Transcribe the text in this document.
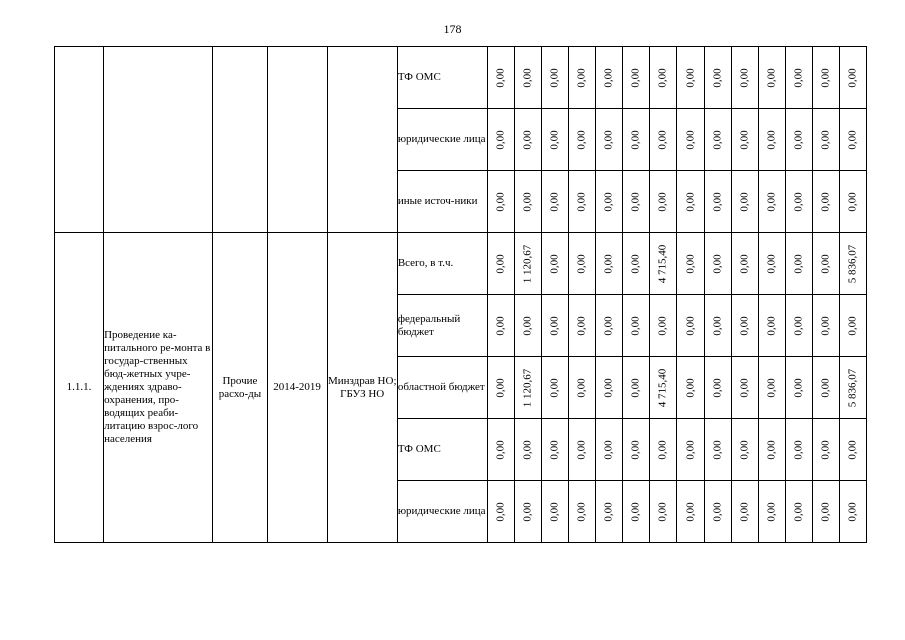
178
					ТФ ОМС	0,00	0,00	0,00	0,00	0,00	0,00	0,00	0,00	0,00	0,00	0,00	0,00	0,00	0,00

					юридические лица	0,00	0,00	0,00	0,00	0,00	0,00	0,00	0,00	0,00	0,00	0,00	0,00	0,00	0,00

					иные источ-ники	0,00	0,00	0,00	0,00	0,00	0,00	0,00	0,00	0,00	0,00	0,00	0,00	0,00	0,00

1.1.1.	Проведение ка-питального ре-монта в государ-ственных бюд-жетных учре-ждениях здраво-охранения, про-водящих реаби-литацию взрос-лого населения	Прочие расхо-ды	2014-2019	Минздрав НО; ГБУЗ НО	Всего, в т.ч.	0,00	1 120,67	0,00	0,00	0,00	0,00	4 715,40	0,00	0,00	0,00	0,00	0,00	0,00	5 836,07

					федеральный бюджет	0,00	0,00	0,00	0,00	0,00	0,00	0,00	0,00	0,00	0,00	0,00	0,00	0,00	0,00

					областной бюджет	0,00	1 120,67	0,00	0,00	0,00	0,00	4 715,40	0,00	0,00	0,00	0,00	0,00	0,00	5 836,07

					ТФ ОМС	0,00	0,00	0,00	0,00	0,00	0,00	0,00	0,00	0,00	0,00	0,00	0,00	0,00	0,00

					юридические лица	0,00	0,00	0,00	0,00	0,00	0,00	0,00	0,00	0,00	0,00	0,00	0,00	0,00	0,00
